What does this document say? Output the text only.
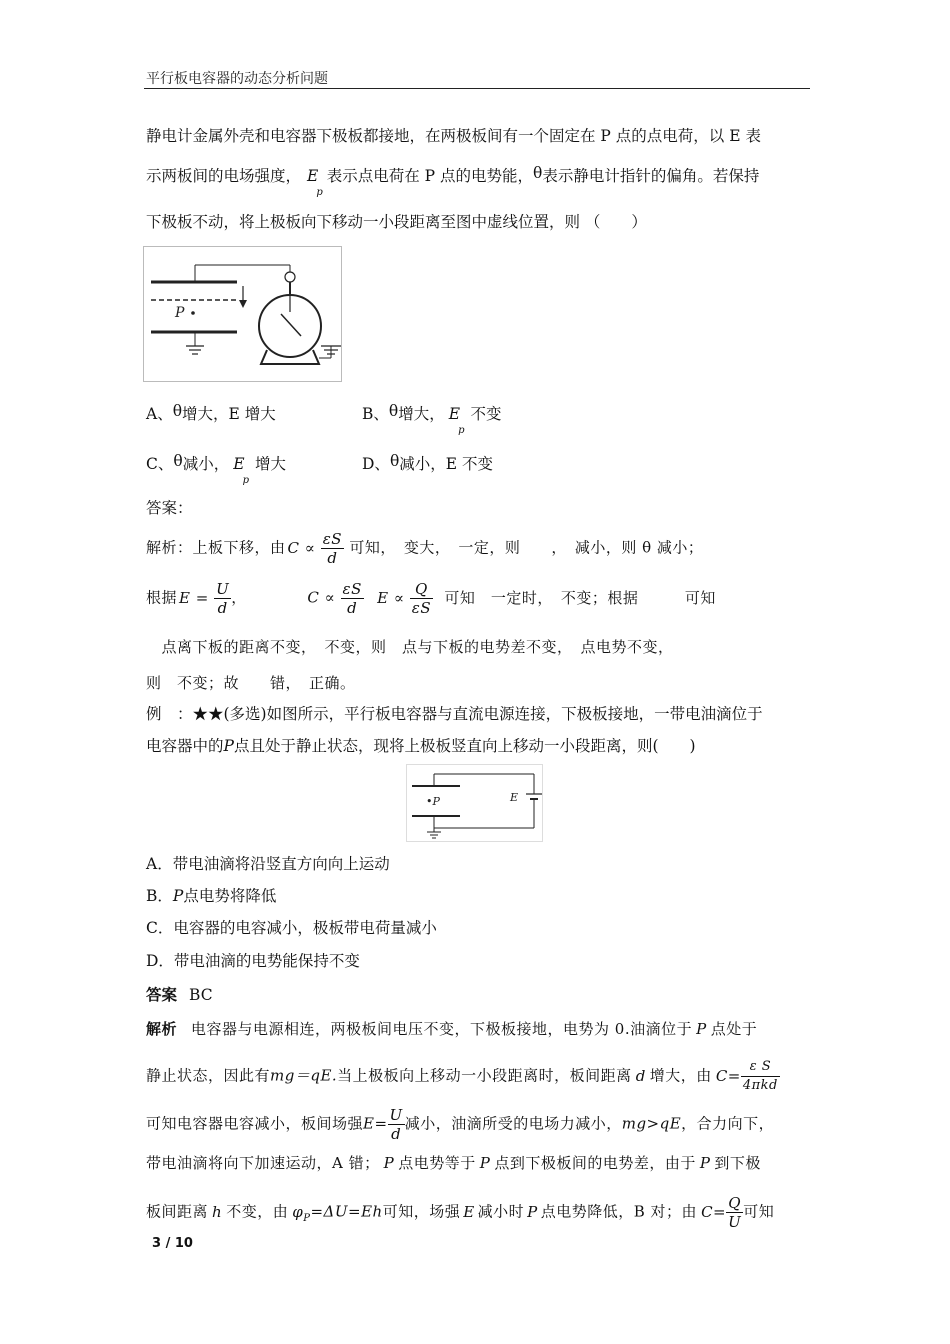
平行板电容器的动态分析问题
静电计金属外壳和电容器下极板都接地，在两极板间有一个固定在 P 点的点电荷，以 E 表
示两板间的电场强度， $E_p$表示点电荷在 P 点的电势能，θ表示静电计指针的偏角。若保持
下极板不动，将上极板向下移动一小段距离至图中虚线位置，则 （　　）
P
A、θ增大，E 增大	B、θ增大， $E_p$不变
C、θ减小， $E_p$增大	D、θ减小，E 不变
答案：
解析：上板下移，由 $C \propto \frac{\varepsilon S}{d}$ 可知，　变大，　一定，则　　，　减小，则 θ 减小；
根据 $E = \frac{U}{d}$ ，	$C \propto \frac{\varepsilon S}{d}$ $E \propto \frac{Q}{\varepsilon S}$ 可知　一定时，　不变；根据　　　可知
　点离下板的距离不变，　不变，则　点与下板的电势差不变，　点电势不变，
则　不变；故　　错，　正确。
例　：★★(多选)如图所示，平行板电容器与直流电源连接，下极板接地，一带电油滴位于
电容器中的P点且处于静止状态，现将上极板竖直向上移动一小段距离，则(　　)
•P	E
A．带电油滴将沿竖直方向向上运动
B．P点电势将降低
C．电容器的电容减小，极板带电荷量减小
D．带电油滴的电势能保持不变
答案 BC
解析 电容器与电源相连，两极板间电压不变，下极板接地，电势为 0.油滴位于 P 点处于
静止状态，因此有mg＝qE.当上极板向上移动一小段距离时，板间距离 d 增大，由 $C= \frac{\text{ε S}}{\text{4πkd}}$
可知电容器电容减小，板间场强$E= \frac{U}{d}$ 减小，油滴所受的电场力减小，mg>qE，合力向下，
带电油滴将向下加速运动，A 错； P 点电势等于 P 点到下极板间的电势差，由于 P 到下极
板间距离 h 不变，由 $\varphi_P=\Delta U=Eh$可知，场强 E 减小时 P 点电势降低，B 对；由 $C= \frac{Q}{U}$ 可知
3 / 10
